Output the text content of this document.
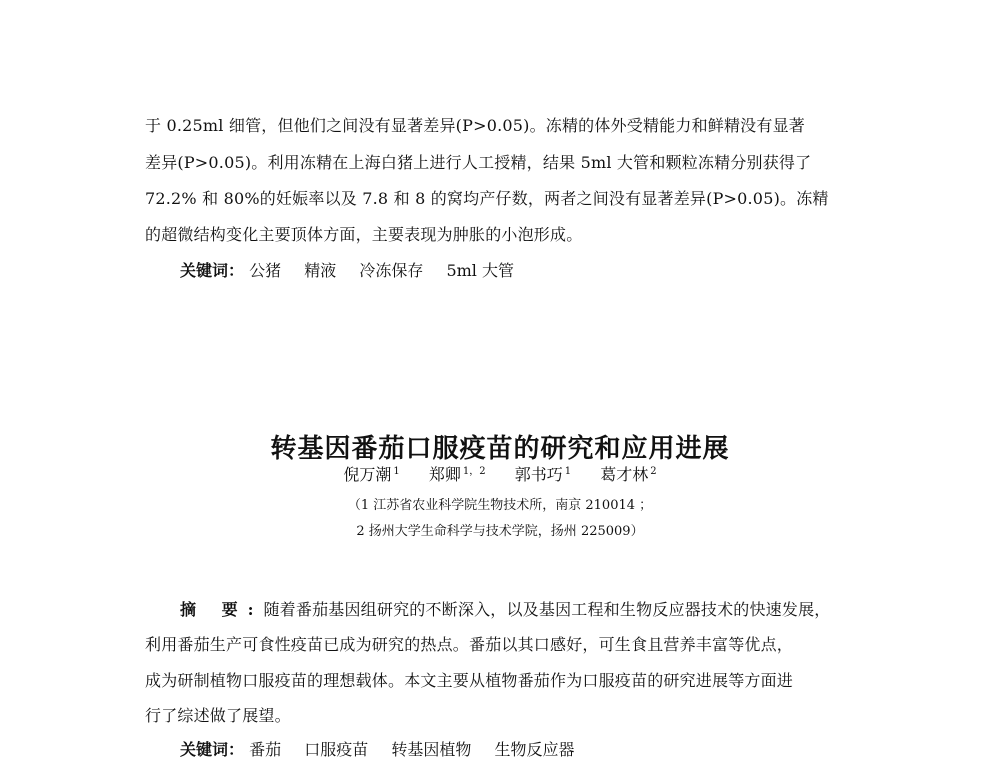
于 0.25ml 细管，但他们之间没有显著差异(P>0.05)。冻精的体外受精能力和鲜精没有显著
差异(P>0.05)。利用冻精在上海白猪上进行人工授精，结果 5ml 大管和颗粒冻精分别获得了
72.2% 和 80%的妊娠率以及 7.8 和 8 的窝均产仔数，两者之间没有显著差异(P>0.05)。冻精
的超微结构变化主要顶体方面，主要表现为肿胀的小泡形成。
关键词： 公猪 精液 冷冻保存 5ml 大管
转基因番茄口服疫苗的研究和应用进展
倪万潮 $^1$ 郑卿 $^{1,2}$ 郭书巧 $^1$ 葛才林 $^2$
（1 江苏省农业科学院生物技术所，南京 210014 ；
2 扬州大学生命科学与技术学院，扬州 225009）
摘 要:随着番茄基因组研究的不断深入，以及基因工程和生物反应器技术的快速发展，
利用番茄生产可食性疫苗已成为研究的热点。番茄以其口感好，可生食且营养丰富等优点，
成为研制植物口服疫苗的理想载体。本文主要从植物番茄作为口服疫苗的研究进展等方面进
行了综述做了展望。
关键词： 番茄 口服疫苗 转基因植物 生物反应器
